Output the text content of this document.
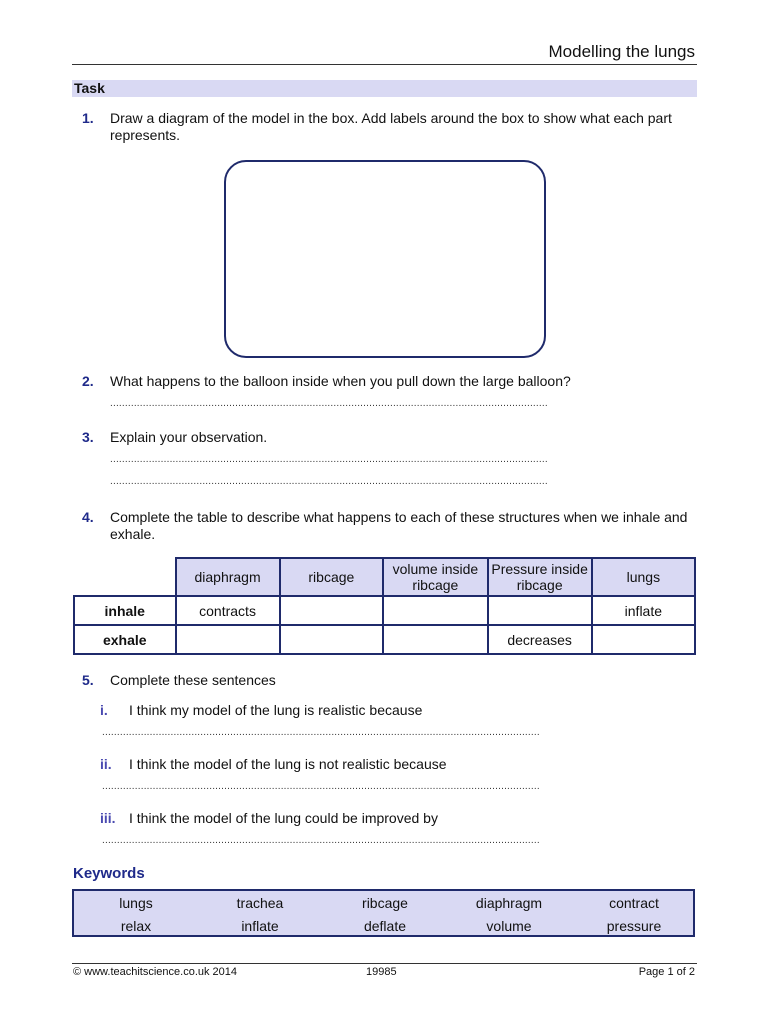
Modelling the lungs
Task
1. Draw a diagram of the model in the box. Add labels around the box to show what each part represents.
2. What happens to the balloon inside when you pull down the large balloon?
...................................................................................................................................................
3. Explain your observation.
...................................................................................................................................................
...................................................................................................................................................
4. Complete the table to describe what happens to each of these structures when we inhale and exhale.
	diaphragm	ribcage	volume inside ribcage	Pressure inside ribcage	lungs
inhale	contracts				inflate
exhale				decreases	
5. Complete these sentences
i. I think my model of the lung is realistic because
...................................................................................................................................................
ii. I think the model of the lung is not realistic because
...................................................................................................................................................
iii. I think the model of the lung could be improved by
...................................................................................................................................................
Keywords
lungs	trachea	ribcage	diaphragm	contract
relax	inflate	deflate	volume	pressure
© www.teachitscience.co.uk 2014	19985	Page 1 of 2
